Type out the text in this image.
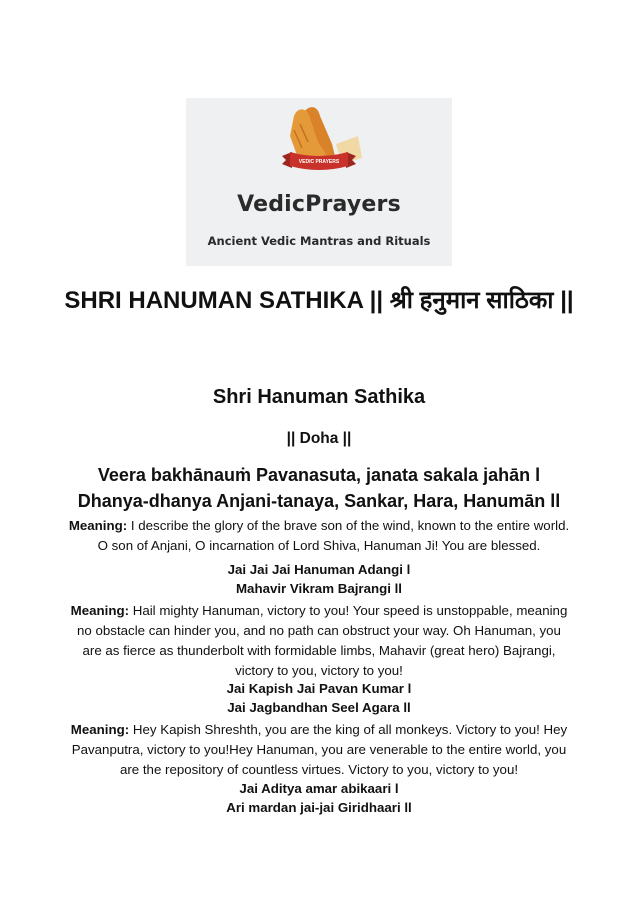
VEDIC PRAYERS
VedicPrayers
Ancient Vedic Mantras and Rituals
SHRI HANUMAN SATHIKA || श्री हनुमान साठिका ||
Shri Hanuman Sathika
|| Doha ||
Veera bakhānauṁ Pavanasuta, janata sakala jahān l
Dhanya-dhanya Anjani-tanaya, Sankar, Hara, Hanumān ll
Meaning: I describe the glory of the brave son of the wind, known to the entire world. O son of Anjani, O incarnation of Lord Shiva, Hanuman Ji! You are blessed.
Jai Jai Jai Hanuman Adangi l
Mahavir Vikram Bajrangi ll
Meaning: Hail mighty Hanuman, victory to you! Your speed is unstoppable, meaning no obstacle can hinder you, and no path can obstruct your way. Oh Hanuman, you are as fierce as thunderbolt with formidable limbs, Mahavir (great hero) Bajrangi, victory to you, victory to you!
Jai Kapish Jai Pavan Kumar l
Jai Jagbandhan Seel Agara ll
Meaning: Hey Kapish Shreshth, you are the king of all monkeys. Victory to you! Hey Pavanputra, victory to you!Hey Hanuman, you are venerable to the entire world, you are the repository of countless virtues. Victory to you, victory to you!
Jai Aditya amar abikaari l
Ari mardan jai-jai Giridhaari ll
